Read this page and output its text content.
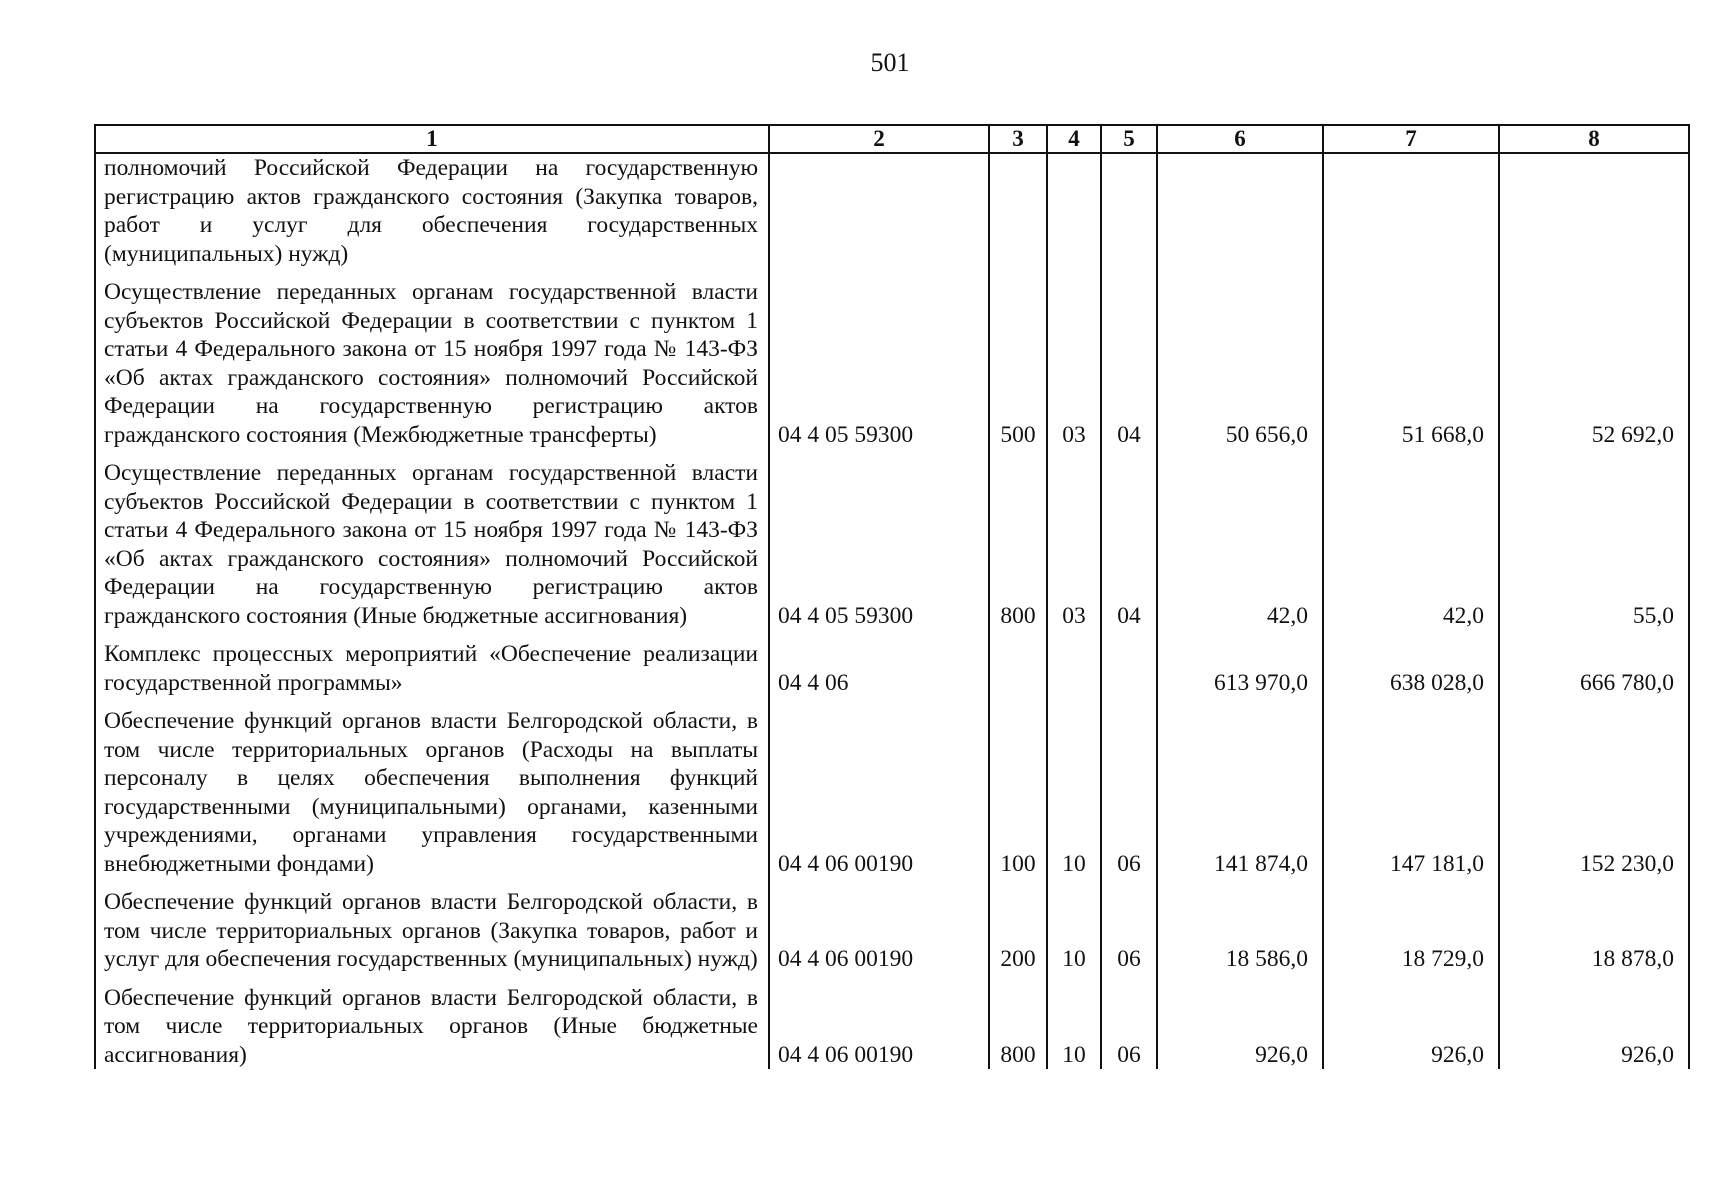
501
1	2	3	4	5	6	7	8
полномочий Российской Федерации на государственную регистрацию актов гражданского состояния (Закупка товаров, работ и услуг для обеспечения государственных (муниципальных) нужд)							
Осуществление переданных органам государственной власти субъектов Российской Федерации в соответствии с пунктом 1 статьи 4 Федерального закона от 15 ноября 1997 года № 143-ФЗ «Об актах гражданского состояния» полномочий Российской Федерации на государственную регистрацию актов гражданского состояния (Межбюджетные трансферты)	04 4 05 59300	500	03	04	50 656,0	51 668,0	52 692,0
Осуществление переданных органам государственной власти субъектов Российской Федерации в соответствии с пунктом 1 статьи 4 Федерального закона от 15 ноября 1997 года № 143-ФЗ «Об актах гражданского состояния» полномочий Российской Федерации на государственную регистрацию актов гражданского состояния (Иные бюджетные ассигнования)	04 4 05 59300	800	03	04	42,0	42,0	55,0
Комплекс процессных мероприятий «Обеспечение реализации государственной программы»	04 4 06				613 970,0	638 028,0	666 780,0
Обеспечение функций органов власти Белгородской области, в том числе территориальных органов (Расходы на выплаты персоналу в целях обеспечения выполнения функций государственными (муниципальными) органами, казенными учреждениями, органами управления государственными внебюджетными фондами)	04 4 06 00190	100	10	06	141 874,0	147 181,0	152 230,0
Обеспечение функций органов власти Белгородской области, в том числе территориальных органов (Закупка товаров, работ и услуг для обеспечения государственных (муниципальных) нужд)	04 4 06 00190	200	10	06	18 586,0	18 729,0	18 878,0
Обеспечение функций органов власти Белгородской области, в том числе территориальных органов (Иные бюджетные ассигнования)	04 4 06 00190	800	10	06	926,0	926,0	926,0
